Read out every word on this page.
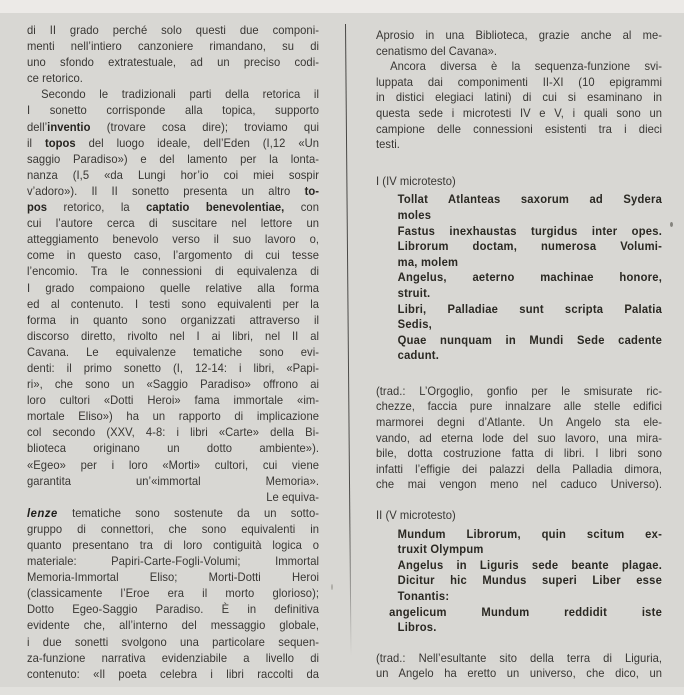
di II grado perché solo questi due componi-
menti nell’intiero canzoniere rimandano, su di
uno sfondo extratestuale, ad un preciso codi-
ce retorico.
Secondo le tradizionali parti della retorica il
I sonetto corrisponde alla topica, supporto
dell’inventio (trovare cosa dire); troviamo qui
il topos del luogo ideale, dell’Eden (I,12 «Un
saggio Paradiso») e del lamento per la lonta-
nanza (I,5 «da Lungi hor’io coi miei sospir
v’adoro»). Il II sonetto presenta un altro to-
pos retorico, la captatio benevolentiae, con
cui l’autore cerca di suscitare nel lettore un
atteggiamento benevolo verso il suo lavoro o,
come in questo caso, l’argomento di cui tesse
l’encomio. Tra le connessioni di equivalenza di
I grado compaiono quelle relative alla forma
ed al contenuto. I testi sono equivalenti per la
forma in quanto sono organizzati attraverso il
discorso diretto, rivolto nel I ai libri, nel II al
Cavana. Le equivalenze tematiche sono evi-
denti: il primo sonetto (I, 12-14: i libri, «Papi-
ri», che sono un «Saggio Paradiso» offrono ai
loro cultori «Dotti Heroi» fama immortale «im-
mortale Eliso») ha un rapporto di implicazione
col secondo (XXV, 4-8: i libri «Carte» della Bi-
blioteca originano un dotto ambiente»).
«Egeo» per i loro «Morti» cultori, cui viene
garantita un’«immortal Memoria».
Le equiva-
lenze tematiche sono sostenute da un sotto-
gruppo di connettori, che sono equivalenti in
quanto presentano tra di loro contiguità logica o
materiale: Papiri-Carte-Fogli-Volumi; Immortal
Memoria-Immortal Eliso; Morti-Dotti Heroi
(classicamente l’Eroe era il morto glorioso);
Dotto Egeo-Saggio Paradiso. È in definitiva
evidente che, all’interno del messaggio globale,
i due sonetti svolgono una particolare sequen-
za-funzione narrativa evidenziabile a livello di
contenuto: «Il poeta celebra i libri raccolti da
Aprosio in una Biblioteca, grazie anche al me-
cenatismo del Cavana».
Ancora diversa è la sequenza-funzione svi-
luppata dai componimenti II-XI (10 epigrammi
in distici elegiaci latini) di cui si esaminano in
questa sede i microtesti IV e V, i quali sono un
campione delle connessioni esistenti tra i dieci
testi.
I (IV microtesto)
Tollat Atlanteas saxorum ad Sydera
moles
Fastus inexhaustas turgidus inter opes.
Librorum doctam, numerosa Volumi-
ma, molem
Angelus, aeterno machinae honore,
struit.
Libri, Palladiae sunt scripta Palatia
Sedis,
Quae nunquam in Mundi Sede cadente
cadunt.
(trad.: L’Orgoglio, gonfio per le smisurate ric-
chezze, faccia pure innalzare alle stelle edifici
marmorei degni d’Atlante. Un Angelo sta ele-
vando, ad eterna lode del suo lavoro, una mira-
bile, dotta costruzione fatta di libri. I libri sono
infatti l’effigie dei palazzi della Palladia dimora,
che mai vengon meno nel caduco Universo).
II (V microtesto)
Mundum Librorum, quin scitum ex-
truxit Olympum
Angelus in Liguris sede beante plagae.
Dicitur hic Mundus superi Liber esse
Tonantis:
angelicum Mundum reddidit iste
Libros.
(trad.: Nell’esultante sito della terra di Liguria,
un Angelo ha eretto un universo, che dico, un
